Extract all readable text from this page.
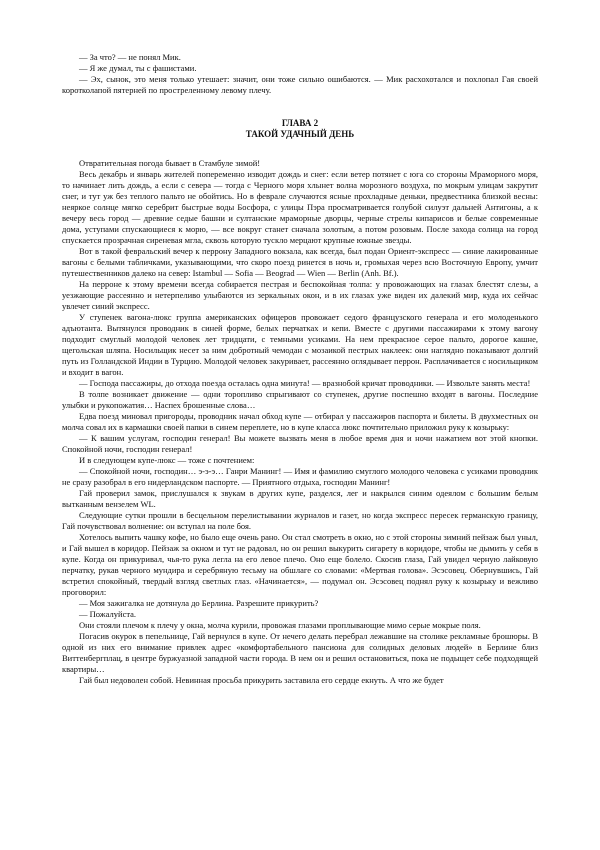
— За что? — не понял Мик.

— Я же думал, ты с фашистами.

— Эх, сынок, это меня только утешает: значит, они тоже сильно ошибаются. — Мик расхохотался и похлопал Гая своей коротколапой пятерней по простреленному левому плечу.

ГЛАВА 2
ТАКОЙ УДАЧНЫЙ ДЕНЬ

Отвратительная погода бывает в Стамбуле зимой!

Весь декабрь и январь жителей попеременно изводит дождь и снег: если ветер потянет с юга со стороны Мраморного моря, то начинает лить дождь, а если с севера — тогда с Черного моря хлынет волна морозного воздуха, по мокрым улицам закрутит снег, и тут уж без теплого пальто не обойтись. Но в феврале случаются ясные прохладные деньки, предвестника близкой весны: неяркое солнце мягко серебрит быстрые воды Босфора, с улицы Пэра просматривается голубой силуэт дальней Антигоны, а к вечеру весь город — древние седые башни и султанские мраморные дворцы, черные стрелы кипарисов и белые современные дома, уступами спускающиеся к морю, — все вокруг станет сначала золотым, а потом розовым. После захода солнца на город спускается прозрачная сиреневая мгла, сквозь которую тускло мерцают крупные южные звезды.

Вот в такой февральский вечер к перрону Западного вокзала, как всегда, был подан Ориент-экспресс — синие лакированные вагоны с белыми табличками, указывающими, что скоро поезд ринется в ночь и, громыхая через всю Восточную Европу, умчит путешественников далеко на север: Istambul — Sofia — Beograd — Wien — Berlin (Anh. Bf.).

На перроне к этому времени всегда собирается пестрая и беспокойная толпа: у провожающих на глазах блестят слезы, а уезжающие рассеянно и нетерпеливо улыбаются из зеркальных окон, и в их глазах уже виден их далекий мир, куда их сейчас увлечет синий экспресс.

У ступенек вагона-люкс группа американских офицеров провожает седого французского генерала и его молоденького адъютанта. Вытянулся проводник в синей форме, белых перчатках и кепи. Вместе с другими пассажирами к этому вагону подходит смуглый молодой человек лет тридцати, с темными усиками. На нем прекрасное серое пальто, дорогое кашне, щегольская шляпа. Носильщик несет за ним добротный чемодан с мозаикой пестрых наклеек: они наглядно показывают долгий путь из Голландской Индии в Турцию. Молодой человек закуривает, рассеянно оглядывает перрон. Расплачивается с носильщиком и входит в вагон.

— Господа пассажиры, до отхода поезда осталась одна минута! — вразнобой кричат проводники. — Извольте занять места!

В толпе возникает движение — одни торопливо спрыгивают со ступенек, другие поспешно входят в вагоны. Последние улыбки и рукопожатия… Наспех брошенные слова…

Едва поезд миновал пригороды, проводник начал обход купе — отбирал у пассажиров паспорта и билеты. В двухместных он молча совал их в кармашки своей папки в синем переплете, но в купе класса люкс почтительно приложил руку к козырьку:

— К вашим услугам, господин генерал! Вы можете вызвать меня в любое время дня и ночи нажатием вот этой кнопки. Спокойной ночи, господин генерал!

И в следующем купе-люкс — тоже с почтением:

— Спокойной ночи, господин… э-э-э… Ганри Манинг! — Имя и фамилию смуглого молодого человека с усиками проводник не сразу разобрал в его нидерландском паспорте. — Приятного отдыха, господин Манинг!

Гай проверил замок, прислушался к звукам в других купе, разделся, лег и накрылся синим одеялом с большим белым вытканным вензелем WL.

Следующие сутки прошли в бесцельном перелистывании журналов и газет, но когда экспресс пересек германскую границу, Гай почувствовал волнение: он вступал на поле боя.

Хотелось выпить чашку кофе, но было еще очень рано. Он стал смотреть в окно, но с этой стороны зимний пейзаж был уныл, и Гай вышел в коридор. Пейзаж за окном и тут не радовал, но он решил выкурить сигарету в коридоре, чтобы не дымить у себя в купе. Когда он прикуривал, чья-то рука легла на его левое плечо. Оно еще болело. Скосив глаза, Гай увидел черную лайковую перчатку, рукав черного мундира и серебряную тесьму на обшлаге со словами: «Мертвая голова». Эсэсовец. Обернувшись, Гай встретил спокойный, твердый взгляд светлых глаз. «Начинается», — подумал он. Эсэсовец поднял руку к козырьку и вежливо проговорил:

— Моя зажигалка не дотянула до Берлина. Разрешите прикурить?

— Пожалуйста.

Они стояли плечом к плечу у окна, молча курили, провожая глазами проплывающие мимо серые мокрые поля.

Погасив окурок в пепельнице, Гай вернулся в купе. От нечего делать перебрал лежавшие на столике рекламные брошюры. В одной из них его внимание привлек адрес «комфортабельного пансиона для солидных деловых людей» в Берлине близ Виттенбергплац, в центре буржуазной западной части города. В нем он и решил остановиться, пока не подыщет себе подходящей квартиры…

Гай был недоволен собой. Невинная просьба прикурить заставила его сердце екнуть. А что же будет
